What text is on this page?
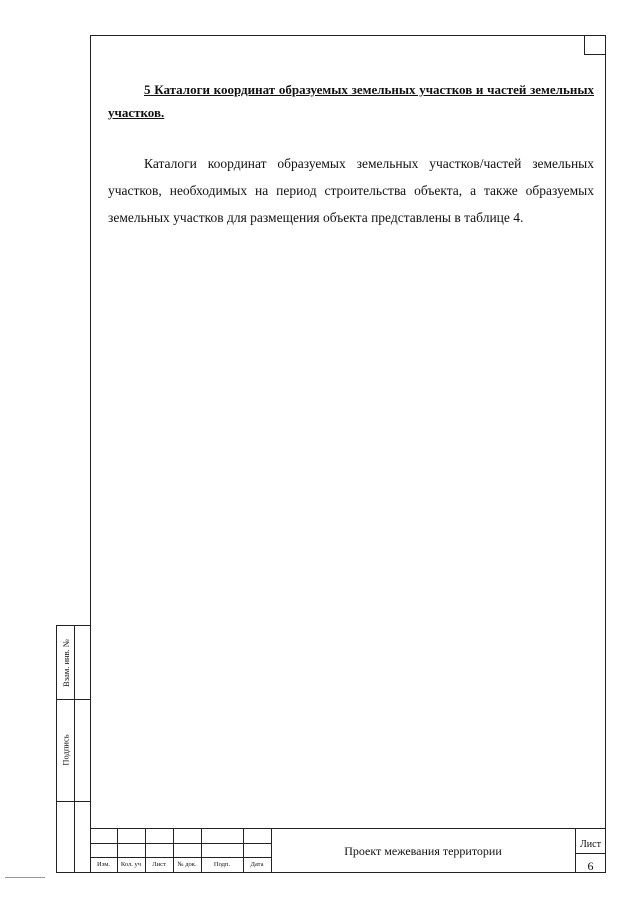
5 Каталоги координат образуемых земельных участков и частей земельных участков.

Каталоги координат образуемых земельных участков/частей земельных участков, необходимых на период строительства объекта, а также образуемых земельных участков для размещения объекта представлены в таблице 4.

Взам. инв. №
Подпись
Изм.	Кол. уч	Лист	№ док.	Подп.	Дата
Проект межевания территории	Лист
6
